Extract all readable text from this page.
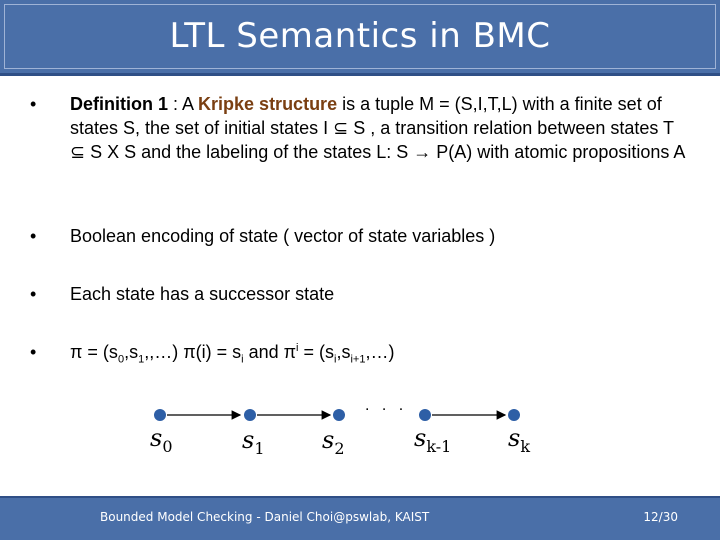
LTL Semantics in BMC
• Definition 1 : A Kripke structure is a tuple M = (S,I,T,L) with a finite set of states S, the set of initial states I ⊆ S , a transition relation between states T ⊆ S X S and the labeling of the states L: S → P(A) with atomic propositions A
• Boolean encoding of state ( vector of state variables )
• Each state has a successor state
• $\pi = (s_0,s_1,,\dots) \pi(i) = s_i$ and $\pi^i$ = $(s_i,s_{i+1},\dots)$
. . .
$s_0$	$s_1$ $s_2$	$s_{k-1}$ $s_k$
Bounded Model Checking - Daniel Choi@pswlab, KAIST	12/30
